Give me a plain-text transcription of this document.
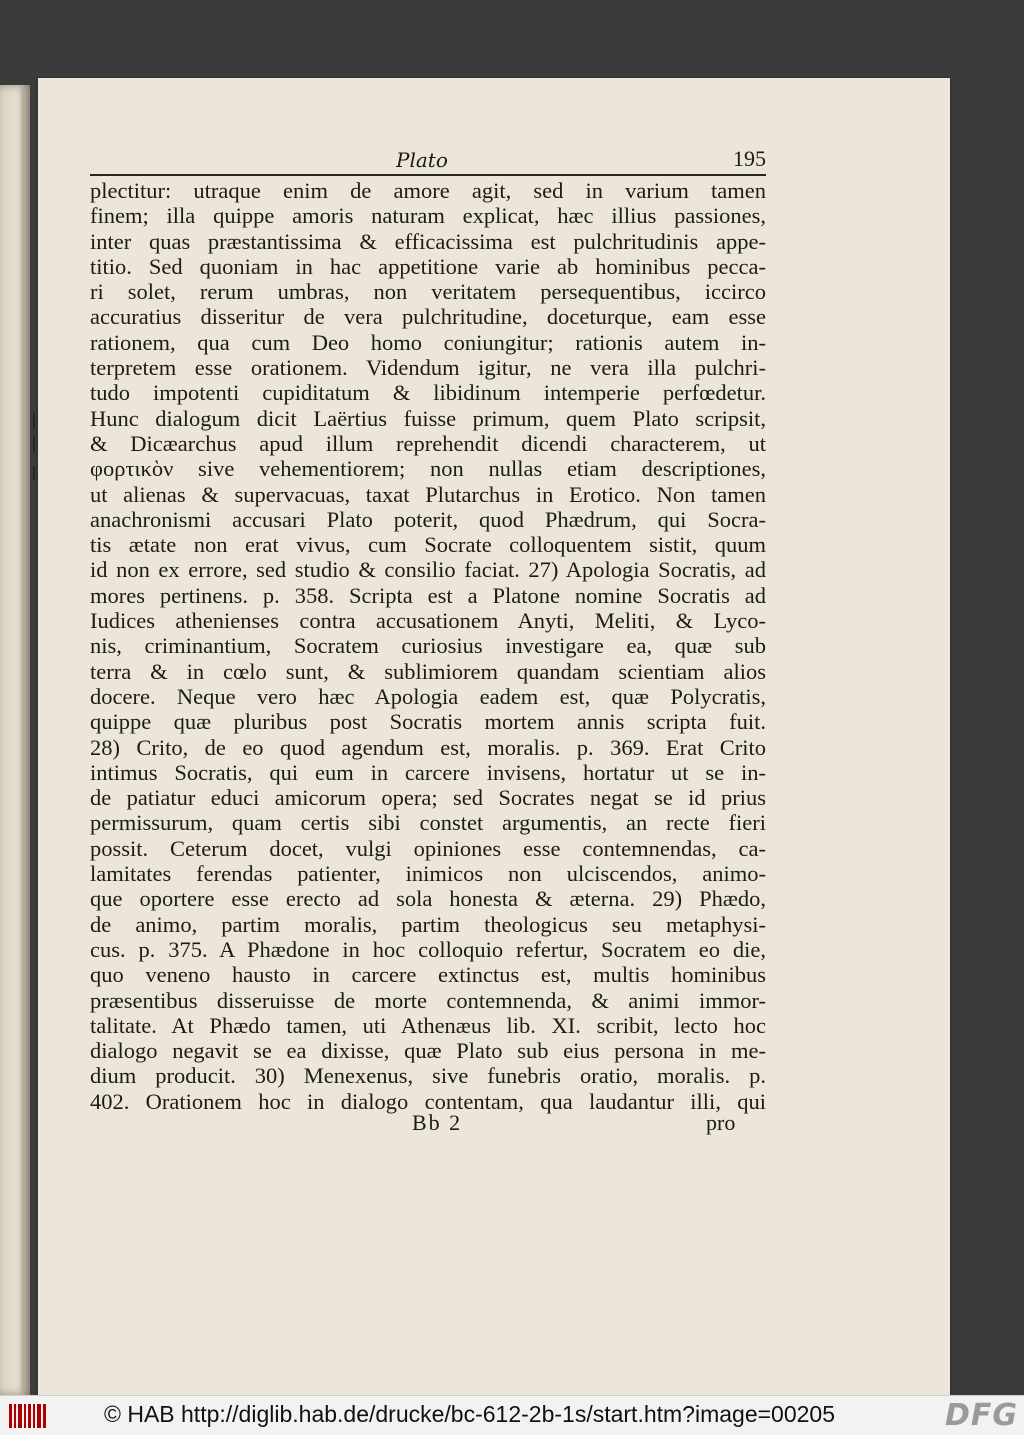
Plato	195
plectitur: utraque enim de amore agit, sed in varium tamen
finem; illa quippe amoris naturam explicat, hæc illius passiones,
inter quas præstantissima & efficacissima est pulchritudinis appe-
titio. Sed quoniam in hac appetitione varie ab hominibus pecca-
ri solet, rerum umbras, non veritatem persequentibus, iccirco
accuratius disseritur de vera pulchritudine, doceturque, eam esse
rationem, qua cum Deo homo coniungitur; rationis autem in-
terpretem esse orationem. Videndum igitur, ne vera illa pulchri-
tudo impotenti cupiditatum & libidinum intemperie perfœdetur.
Hunc dialogum dicit Laërtius fuisse primum, quem Plato scripsit,
& Dicæarchus apud illum reprehendit dicendi characterem, ut
φορτικὸν sive vehementiorem; non nullas etiam descriptiones,
ut alienas & supervacuas, taxat Plutarchus in Erotico. Non tamen
anachronismi accusari Plato poterit, quod Phædrum, qui Socra-
tis ætate non erat vivus, cum Socrate colloquentem sistit, quum
id non ex errore, sed studio & consilio faciat. 27) Apologia Socratis, ad
mores pertinens. p. 358. Scripta est a Platone nomine Socratis ad
Iudices athenienses contra accusationem Anyti, Meliti, & Lyco-
nis, criminantium, Socratem curiosius investigare ea, quæ sub
terra & in cœlo sunt, & sublimiorem quandam scientiam alios
docere. Neque vero hæc Apologia eadem est, quæ Polycratis,
quippe quæ pluribus post Socratis mortem annis scripta fuit.
28) Crito, de eo quod agendum est, moralis. p. 369. Erat Crito
intimus Socratis, qui eum in carcere invisens, hortatur ut se in-
de patiatur educi amicorum opera; sed Socrates negat se id prius
permissurum, quam certis sibi constet argumentis, an recte fieri
possit. Ceterum docet, vulgi opiniones esse contemnendas, ca-
lamitates ferendas patienter, inimicos non ulciscendos, animo-
que oportere esse erecto ad sola honesta & æterna. 29) Phædo,
de animo, partim moralis, partim theologicus seu metaphysi-
cus. p. 375. A Phædone in hoc colloquio refertur, Socratem eo die,
quo veneno hausto in carcere extinctus est, multis hominibus
præsentibus disseruisse de morte contemnenda, & animi immor-
talitate. At Phædo tamen, uti Athenæus lib. XI. scribit, lecto hoc
dialogo negavit se ea dixisse, quæ Plato sub eius persona in me-
dium producit. 30) Menexenus, sive funebris oratio, moralis. p.
402. Orationem hoc in dialogo contentam, qua laudantur illi, qui
Bb 2	pro
© HAB http://diglib.hab.de/drucke/bc-612-2b-1s/start.htm?image=00205	DFG
